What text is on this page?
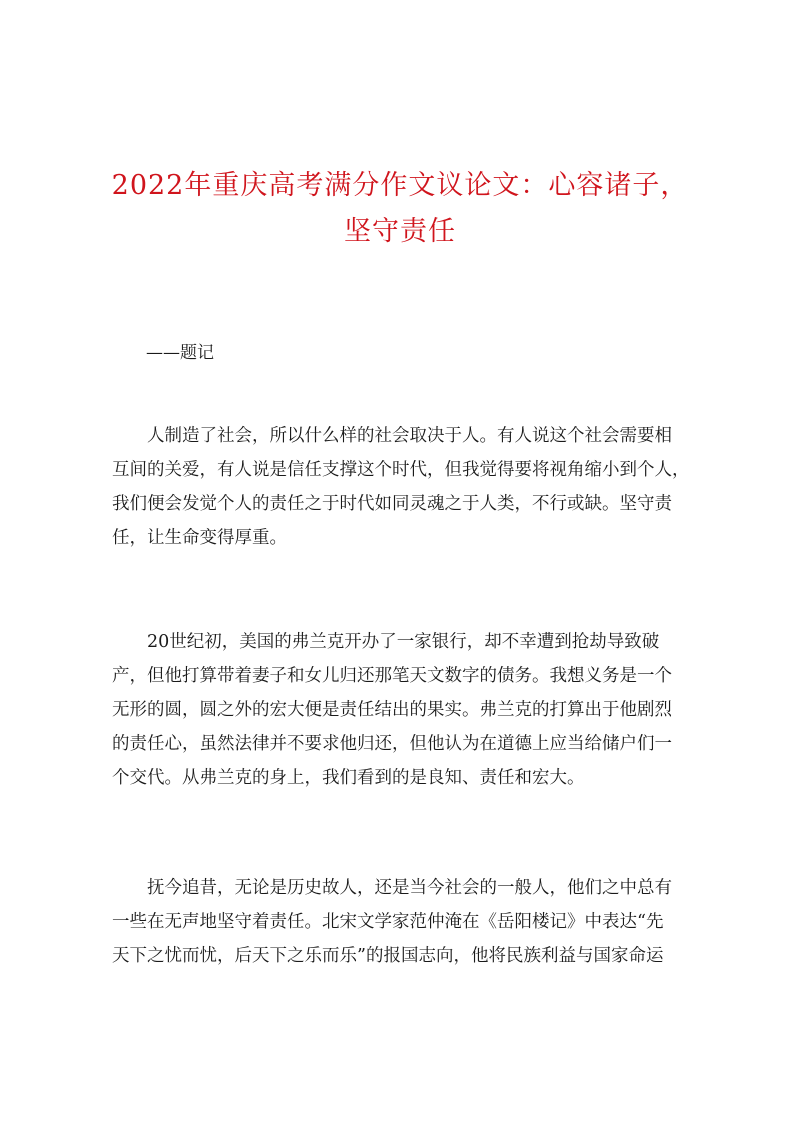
2022年重庆高考满分作文议论文：心容诸子，
坚守责任

——题记

　　人制造了社会，所以什么样的社会取决于人。有人说这个社会需要相
互间的关爱，有人说是信任支撑这个时代，但我觉得要将视角缩小到个人，
我们便会发觉个人的责任之于时代如同灵魂之于人类，不行或缺。坚守责
任，让生命变得厚重。

　　20世纪初，美国的弗兰克开办了一家银行，却不幸遭到抢劫导致破
产，但他打算带着妻子和女儿归还那笔天文数字的债务。我想义务是一个
无形的圆，圆之外的宏大便是责任结出的果实。弗兰克的打算出于他剧烈
的责任心，虽然法律并不要求他归还，但他认为在道德上应当给储户们一
个交代。从弗兰克的身上，我们看到的是良知、责任和宏大。

　　抚今追昔，无论是历史故人，还是当今社会的一般人，他们之中总有
一些在无声地坚守着责任。北宋文学家范仲淹在《岳阳楼记》中表达“先
天下之忧而忧，后天下之乐而乐”的报国志向，他将民族利益与国家命运
